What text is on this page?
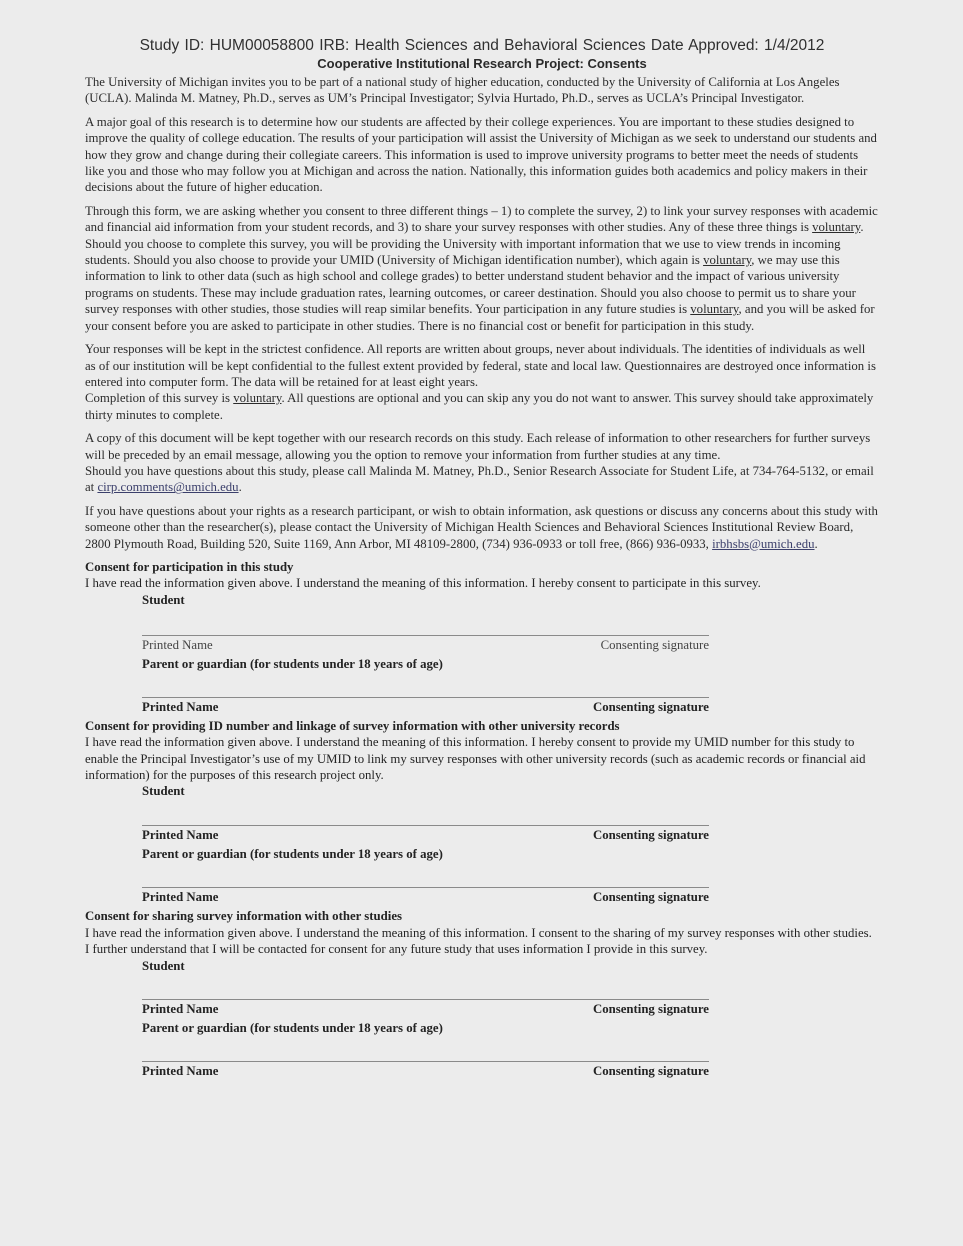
Study ID: HUM00058800 IRB: Health Sciences and Behavioral Sciences Date Approved: 1/4/2012

Cooperative Institutional Research Project: Consents

The University of Michigan invites you to be part of a national study of higher education, conducted by the University of California at Los Angeles (UCLA). Malinda M. Matney, Ph.D., serves as UM’s Principal Investigator; Sylvia Hurtado, Ph.D., serves as UCLA’s Principal Investigator.

A major goal of this research is to determine how our students are affected by their college experiences. You are important to these studies designed to improve the quality of college education. The results of your participation will assist the University of Michigan as we seek to understand our students and how they grow and change during their collegiate careers. This information is used to improve university programs to better meet the needs of students like you and those who may follow you at Michigan and across the nation. Nationally, this information guides both academics and policy makers in their decisions about the future of higher education.

Through this form, we are asking whether you consent to three different things – 1) to complete the survey, 2) to link your survey responses with academic and financial aid information from your student records, and 3) to share your survey responses with other studies. Any of these three things is voluntary. Should you choose to complete this survey, you will be providing the University with important information that we use to view trends in incoming students. Should you also choose to provide your UMID (University of Michigan identification number), which again is voluntary, we may use this information to link to other data (such as high school and college grades) to better understand student behavior and the impact of various university programs on students. These may include graduation rates, learning outcomes, or career destination. Should you also choose to permit us to share your survey responses with other studies, those studies will reap similar benefits. Your participation in any future studies is voluntary, and you will be asked for your consent before you are asked to participate in other studies. There is no financial cost or benefit for participation in this study.

Your responses will be kept in the strictest confidence. All reports are written about groups, never about individuals. The identities of individuals as well as of our institution will be kept confidential to the fullest extent provided by federal, state and local law. Questionnaires are destroyed once information is entered into computer form. The data will be retained for at least eight years.

Completion of this survey is voluntary. All questions are optional and you can skip any you do not want to answer. This survey should take approximately thirty minutes to complete.

A copy of this document will be kept together with our research records on this study. Each release of information to other researchers for further surveys will be preceded by an email message, allowing you the option to remove your information from further studies at any time.

Should you have questions about this study, please call Malinda M. Matney, Ph.D., Senior Research Associate for Student Life, at 734-764-5132, or email at cirp.comments@umich.edu.

If you have questions about your rights as a research participant, or wish to obtain information, ask questions or discuss any concerns about this study with someone other than the researcher(s), please contact the University of Michigan Health Sciences and Behavioral Sciences Institutional Review Board, 2800 Plymouth Road, Building 520, Suite 1169, Ann Arbor, MI 48109-2800, (734) 936-0933 or toll free, (866) 936-0933, irbhsbs@umich.edu.

Consent for participation in this study

I have read the information given above. I understand the meaning of this information. I hereby consent to participate in this survey.

Student

Printed Name	Consenting signature

Parent or guardian (for students under 18 years of age)

Printed Name	Consenting signature

Consent for providing ID number and linkage of survey information with other university records

I have read the information given above. I understand the meaning of this information. I hereby consent to provide my UMID number for this study to enable the Principal Investigator’s use of my UMID to link my survey responses with other university records (such as academic records or financial aid information) for the purposes of this research project only.

Student

Printed Name	Consenting signature

Parent or guardian (for students under 18 years of age)

Printed Name	Consenting signature

Consent for sharing survey information with other studies

I have read the information given above. I understand the meaning of this information. I consent to the sharing of my survey responses with other studies. I further understand that I will be contacted for consent for any future study that uses information I provide in this survey.

Student

Printed Name	Consenting signature

Parent or guardian (for students under 18 years of age)

Printed Name	Consenting signature
